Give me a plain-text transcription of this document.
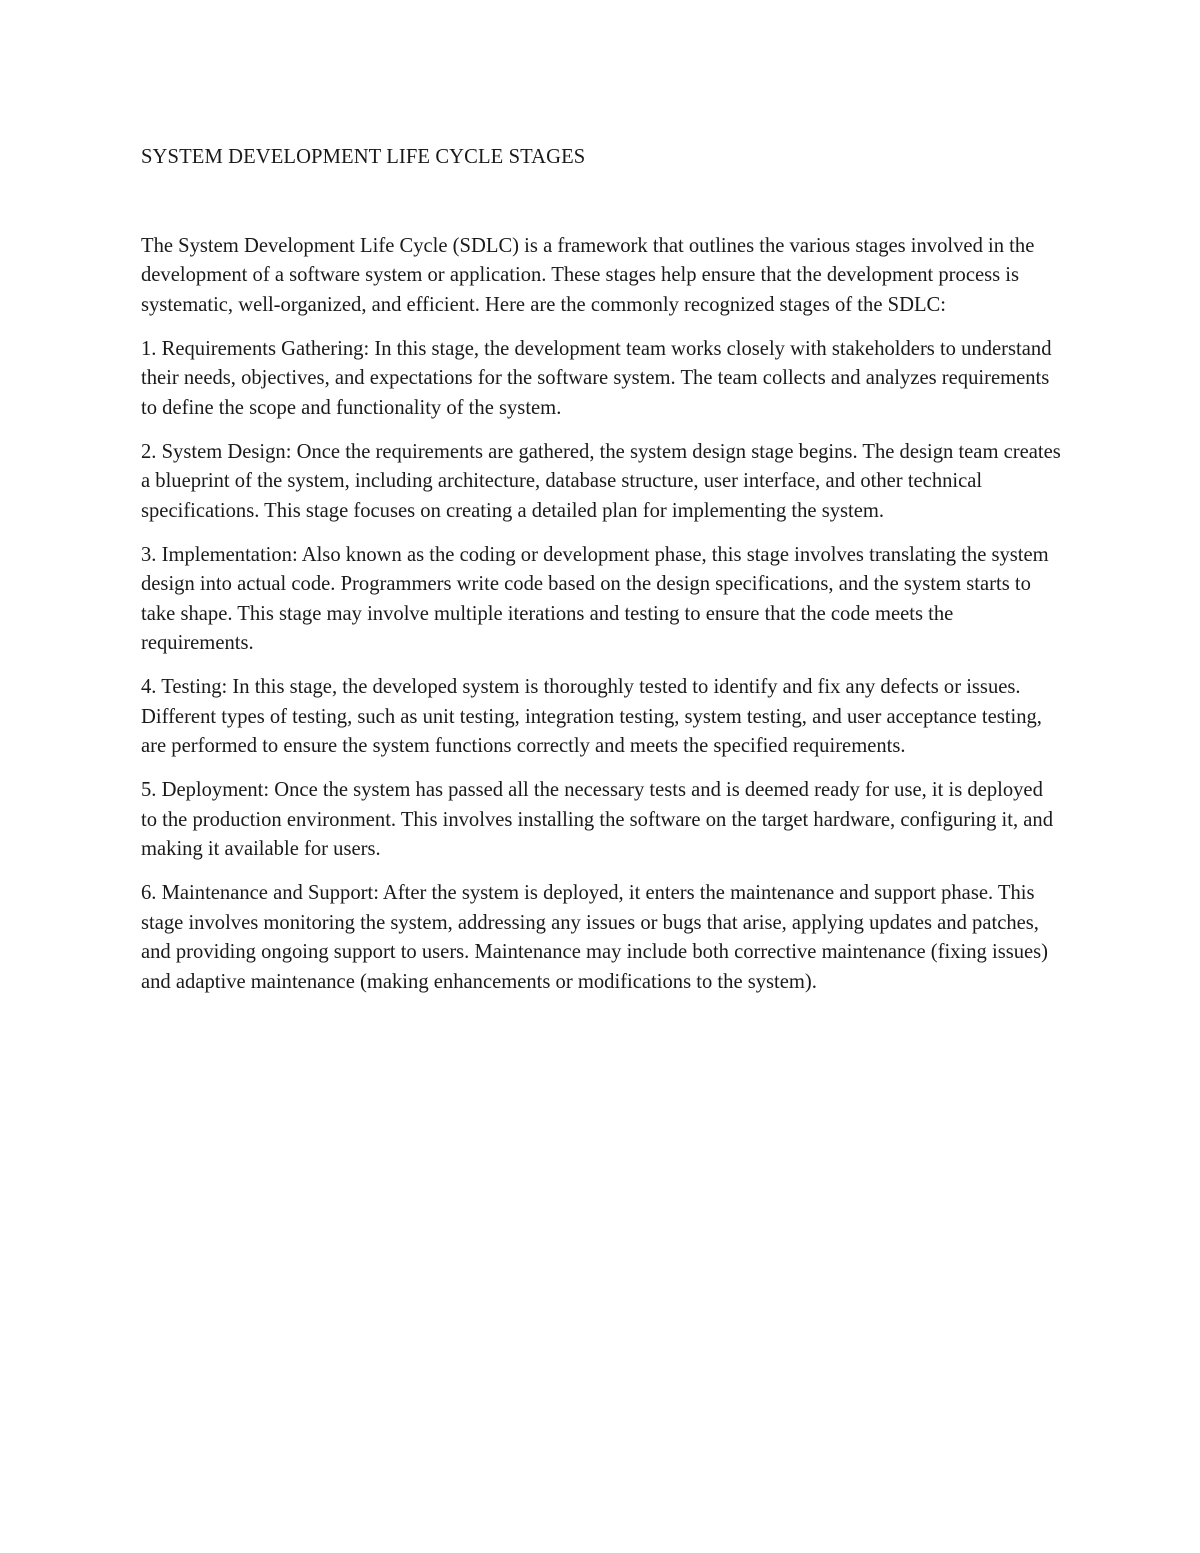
SYSTEM DEVELOPMENT LIFE CYCLE STAGES

The System Development Life Cycle (SDLC) is a framework that outlines the various stages involved in the development of a software system or application. These stages help ensure that the development process is systematic, well-organized, and efficient. Here are the commonly recognized stages of the SDLC:

1. Requirements Gathering: In this stage, the development team works closely with stakeholders to understand their needs, objectives, and expectations for the software system. The team collects and analyzes requirements to define the scope and functionality of the system.

2. System Design: Once the requirements are gathered, the system design stage begins. The design team creates a blueprint of the system, including architecture, database structure, user interface, and other technical specifications. This stage focuses on creating a detailed plan for implementing the system.

3. Implementation: Also known as the coding or development phase, this stage involves translating the system design into actual code. Programmers write code based on the design specifications, and the system starts to take shape. This stage may involve multiple iterations and testing to ensure that the code meets the requirements.

4. Testing: In this stage, the developed system is thoroughly tested to identify and fix any defects or issues. Different types of testing, such as unit testing, integration testing, system testing, and user acceptance testing, are performed to ensure the system functions correctly and meets the specified requirements.

5. Deployment: Once the system has passed all the necessary tests and is deemed ready for use, it is deployed to the production environment. This involves installing the software on the target hardware, configuring it, and making it available for users.

6. Maintenance and Support: After the system is deployed, it enters the maintenance and support phase. This stage involves monitoring the system, addressing any issues or bugs that arise, applying updates and patches, and providing ongoing support to users. Maintenance may include both corrective maintenance (fixing issues) and adaptive maintenance (making enhancements or modifications to the system).
